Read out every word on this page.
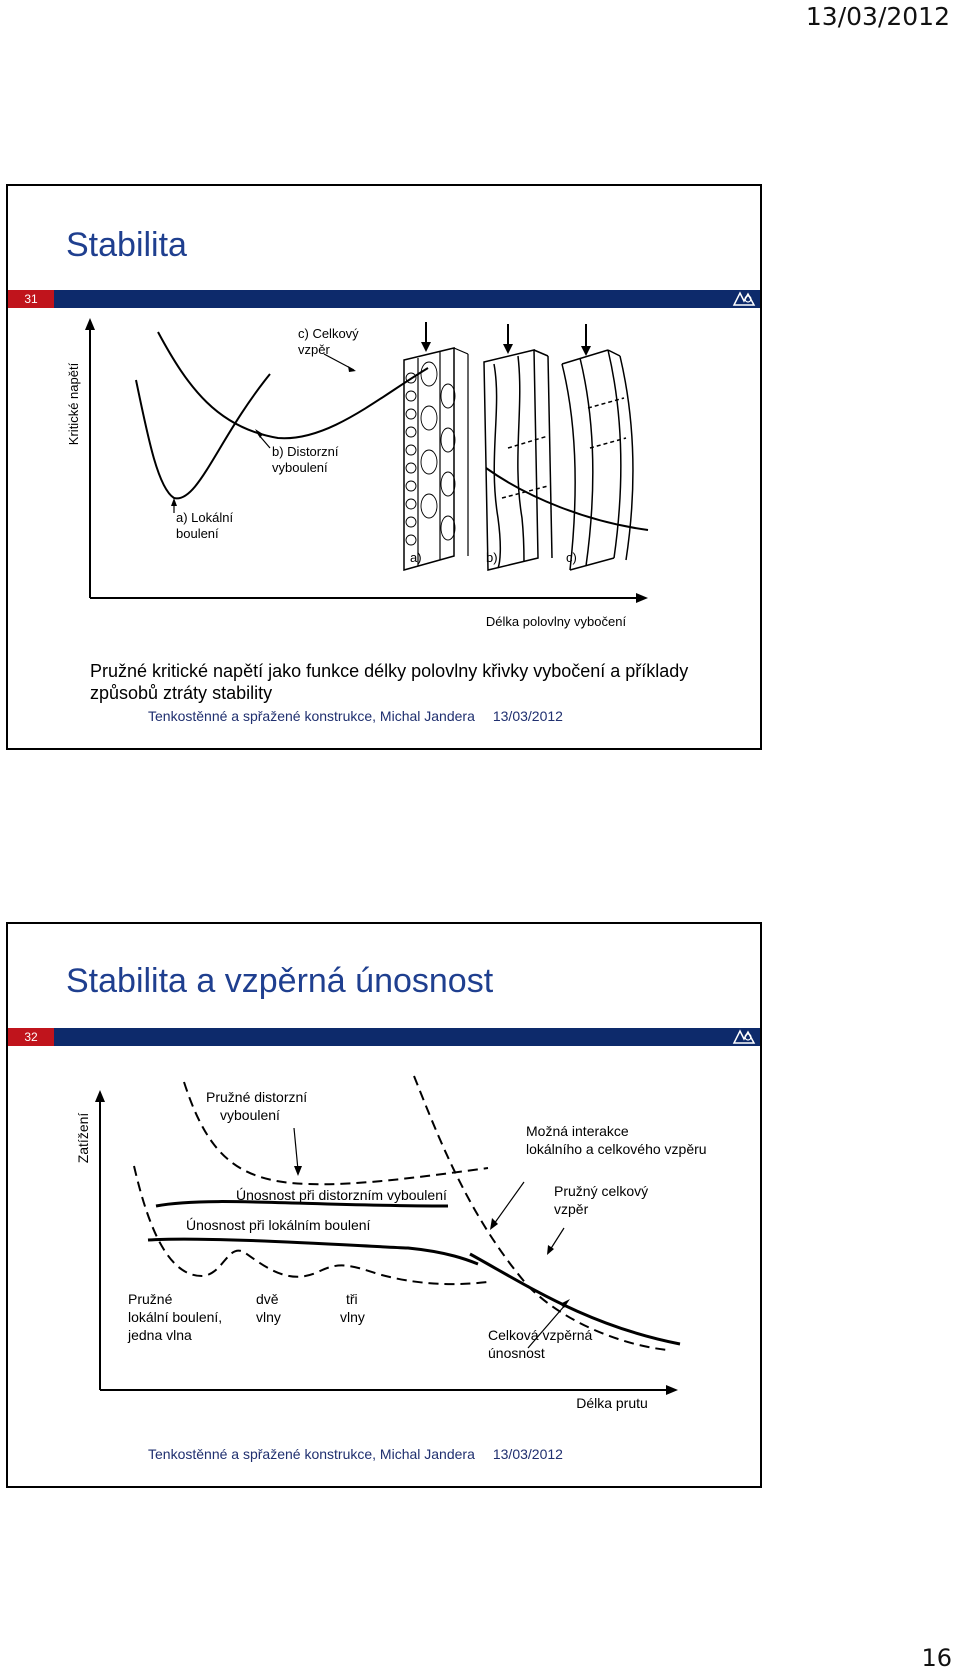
13/03/2012
Stabilita
31
Kritické napětí
Délka polovlny vybočení
c) Celkový vzpěr
b) Distorzní vyboulení
a) Lokální boulení
a)	b)	c)
Pružné kritické napětí jako funkce délky polovlny křivky vybočení a příklady způsobů ztráty stability
Tenkostěnné a spřažené konstrukce, Michal Jandera 13/03/2012
Stabilita a vzpěrná únosnost
32
Zatížení
Délka prutu
Pružné distorzní vyboulení
Možná interakce lokálního a celkového vzpěru
Únosnost při distorzním vyboulení	Pružný celkový vzpěr
Únosnost při lokálním boulení
Pružné lokální boulení, jedna vlna
dvě vlny
tři vlny
Celková vzpěrná únosnost
Tenkostěnné a spřažené konstrukce, Michal Jandera 13/03/2012
16
